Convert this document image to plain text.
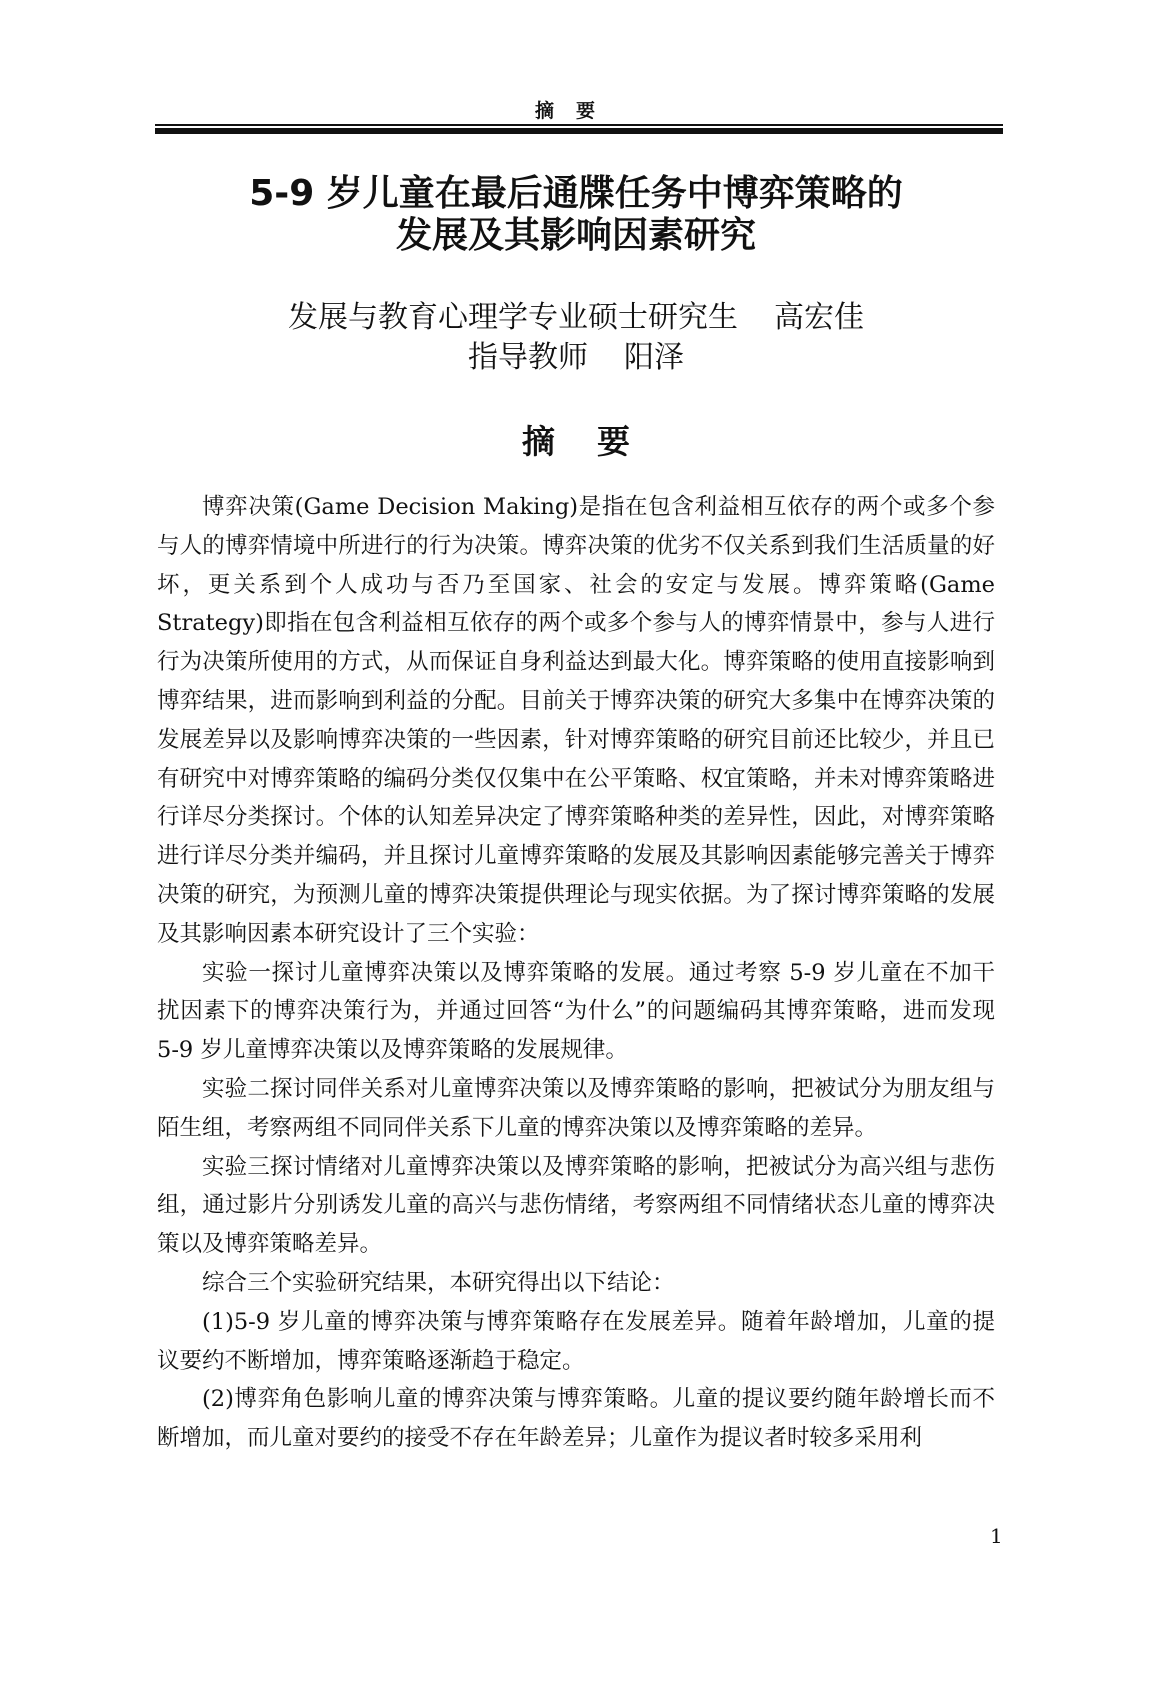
摘要
5-9 岁儿童在最后通牒任务中博弈策略的
发展及其影响因素研究
发展与教育心理学专业硕士研究生 高宏佳
指导教师 阳泽
摘要

博弈决策(Game Decision Making)是指在包含利益相互依存的两个或多个参与人的博弈情境中所进行的行为决策。博弈决策的优劣不仅关系到我们生活质量的好坏，更关系到个人成功与否乃至国家、社会的安定与发展。博弈策略(Game Strategy)即指在包含利益相互依存的两个或多个参与人的博弈情景中，参与人进行行为决策所使用的方式，从而保证自身利益达到最大化。博弈策略的使用直接影响到博弈结果，进而影响到利益的分配。目前关于博弈决策的研究大多集中在博弈决策的发展差异以及影响博弈决策的一些因素，针对博弈策略的研究目前还比较少，并且已有研究中对博弈策略的编码分类仅仅集中在公平策略、权宜策略，并未对博弈策略进行详尽分类探讨。个体的认知差异决定了博弈策略种类的差异性，因此，对博弈策略进行详尽分类并编码，并且探讨儿童博弈策略的发展及其影响因素能够完善关于博弈决策的研究，为预测儿童的博弈决策提供理论与现实依据。为了探讨博弈策略的发展及其影响因素本研究设计了三个实验：

实验一探讨儿童博弈决策以及博弈策略的发展。通过考察 5-9 岁儿童在不加干扰因素下的博弈决策行为，并通过回答“为什么”的问题编码其博弈策略，进而发现 5-9 岁儿童博弈决策以及博弈策略的发展规律。

实验二探讨同伴关系对儿童博弈决策以及博弈策略的影响，把被试分为朋友组与陌生组，考察两组不同同伴关系下儿童的博弈决策以及博弈策略的差异。

实验三探讨情绪对儿童博弈决策以及博弈策略的影响，把被试分为高兴组与悲伤组，通过影片分别诱发儿童的高兴与悲伤情绪，考察两组不同情绪状态儿童的博弈决策以及博弈策略差异。

综合三个实验研究结果，本研究得出以下结论：

(1)5-9 岁儿童的博弈决策与博弈策略存在发展差异。随着年龄增加，儿童的提议要约不断增加，博弈策略逐渐趋于稳定。

(2)博弈角色影响儿童的博弈决策与博弈策略。儿童的提议要约随年龄增长而不断增加，而儿童对要约的接受不存在年龄差异；儿童作为提议者时较多采用利

1
